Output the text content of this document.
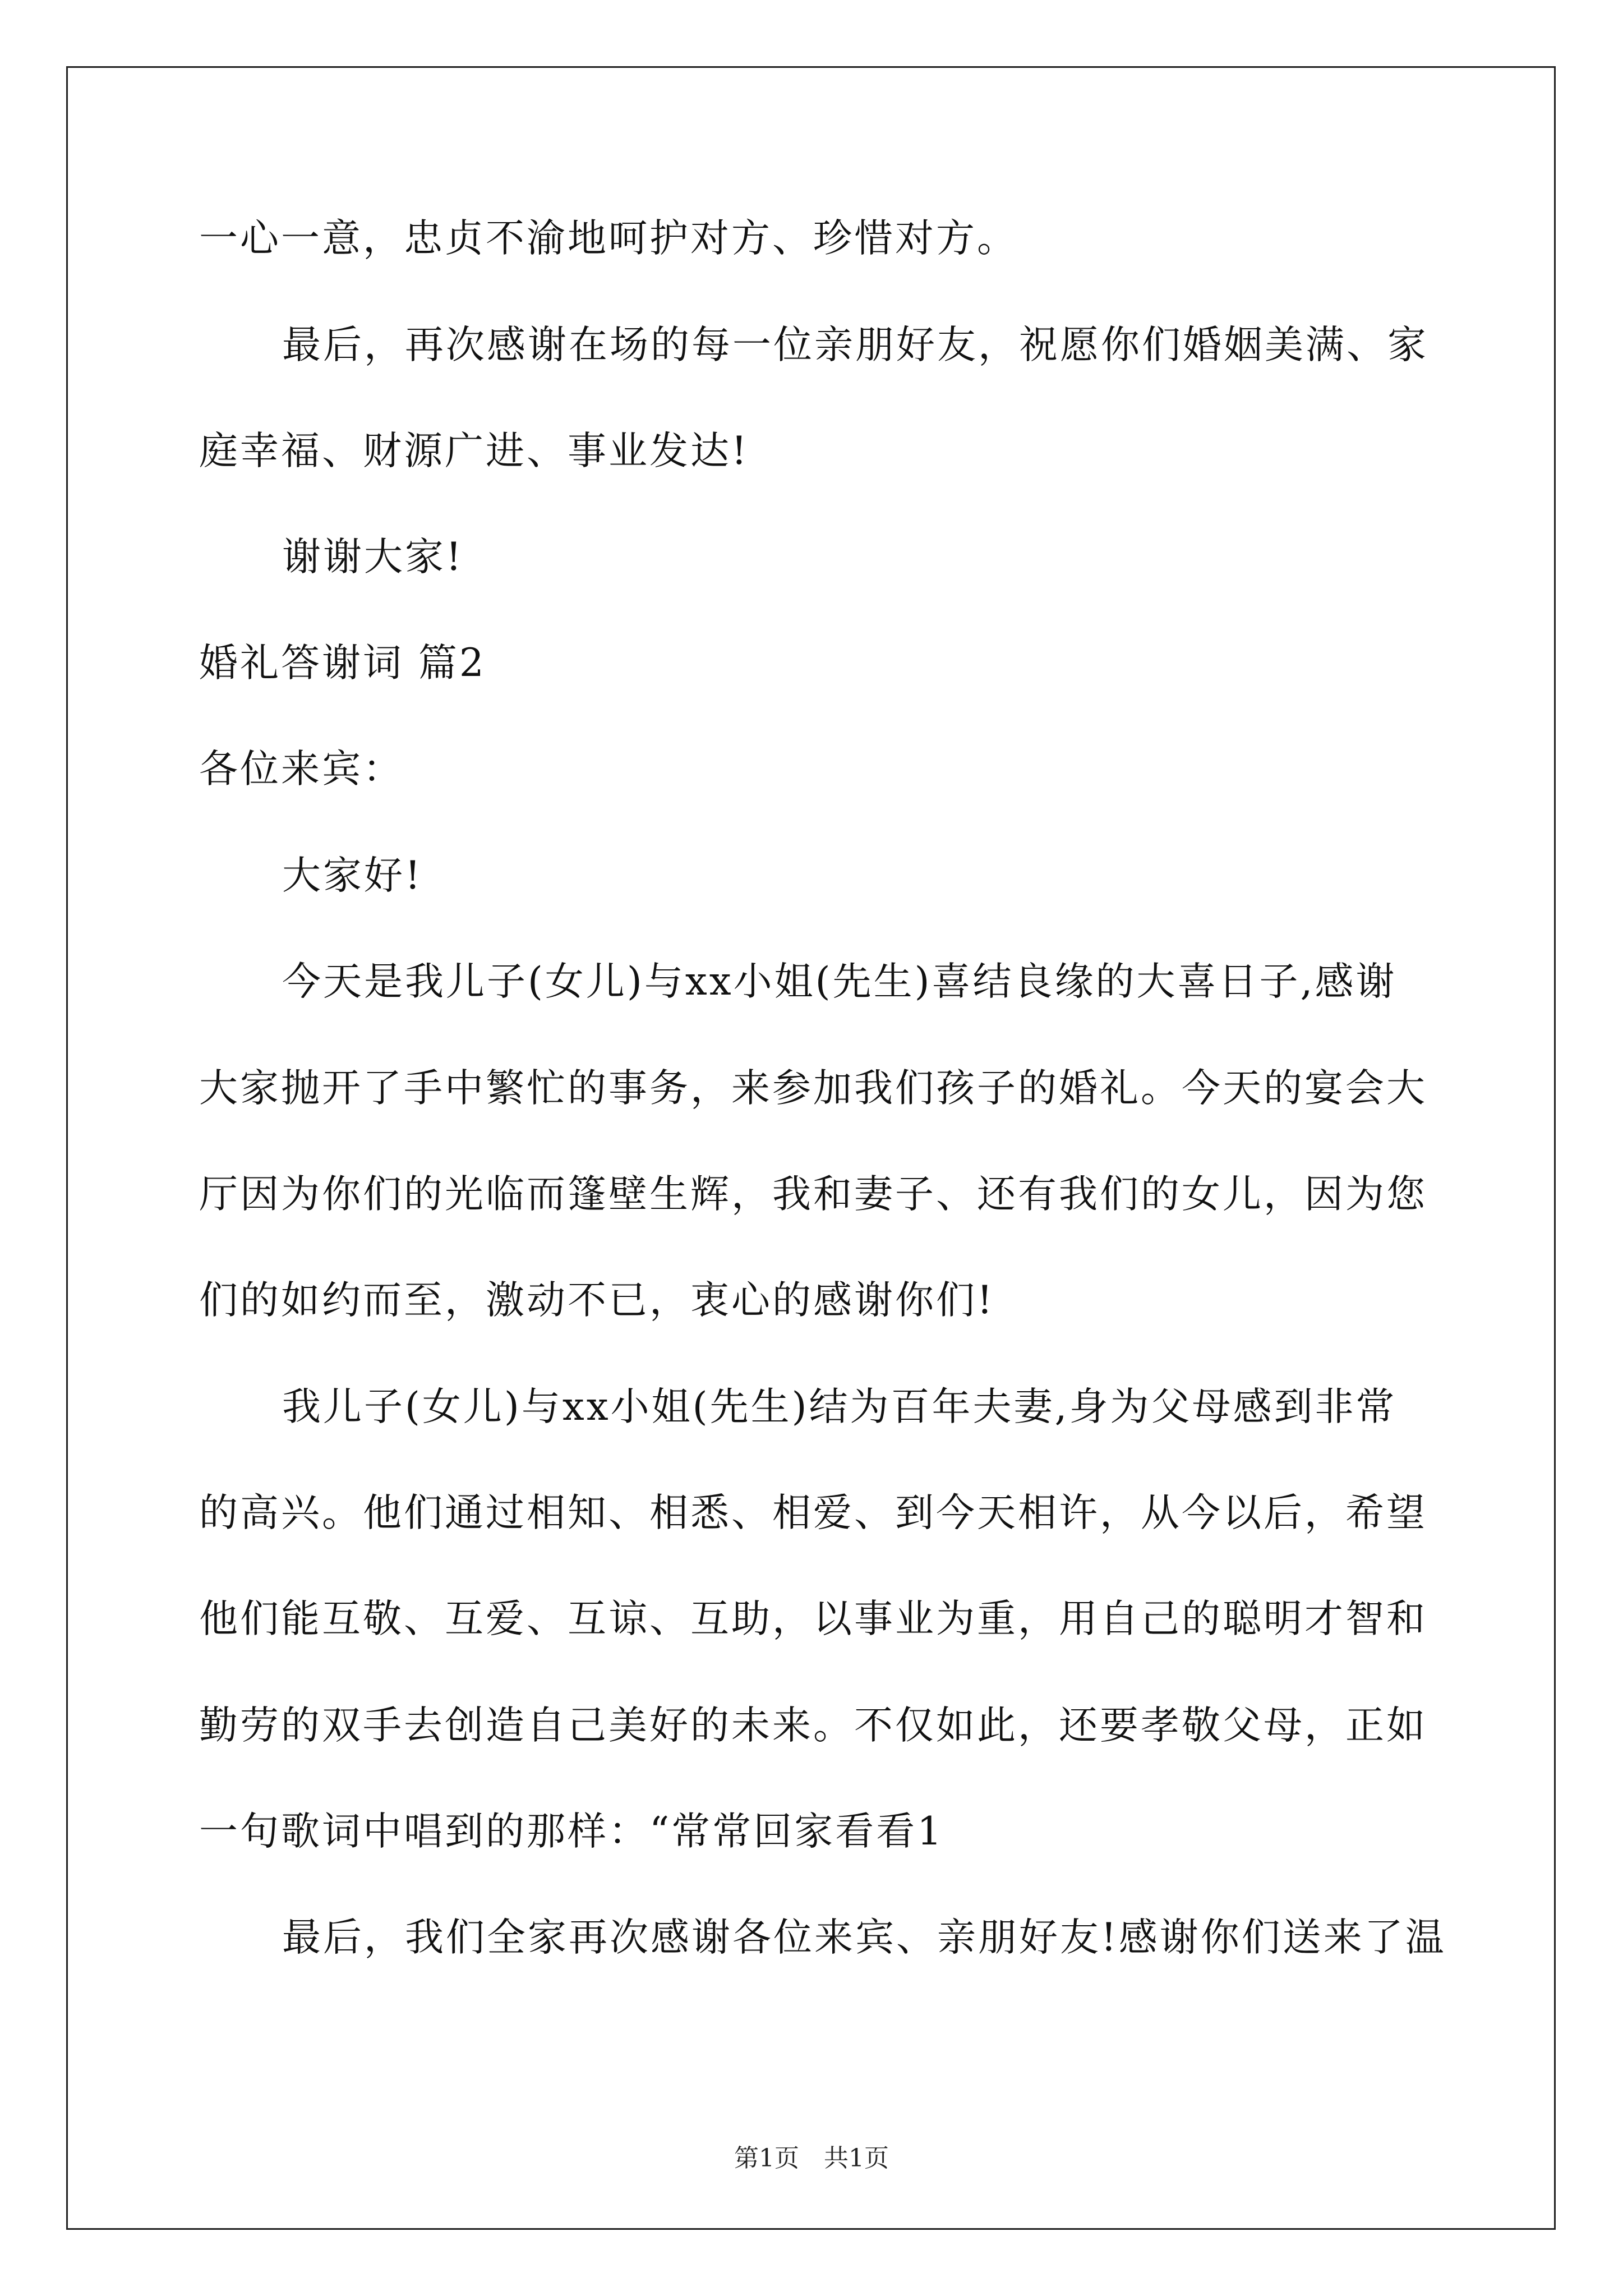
一心一意，忠贞不渝地呵护对方、珍惜对方。
最后，再次感谢在场的每一位亲朋好友，祝愿你们婚姻美满、家
庭幸福、财源广进、事业发达!
谢谢大家!
婚礼答谢词 篇2
各位来宾：
大家好!
今天是我儿子(女儿)与xx小姐(先生)喜结良缘的大喜日子,感谢
大家抛开了手中繁忙的事务，来参加我们孩子的婚礼。今天的宴会大
厅因为你们的光临而篷壁生辉，我和妻子、还有我们的女儿，因为您
们的如约而至，激动不已，衷心的感谢你们!
我儿子(女儿)与xx小姐(先生)结为百年夫妻,身为父母感到非常
的高兴。他们通过相知、相悉、相爱、到今天相许，从今以后，希望
他们能互敬、互爱、互谅、互助，以事业为重，用自己的聪明才智和
勤劳的双手去创造自己美好的未来。不仅如此，还要孝敬父母，正如
一句歌词中唱到的那样：“常常回家看看1
最后，我们全家再次感谢各位来宾、亲朋好友!感谢你们送来了温
第1页　共1页
